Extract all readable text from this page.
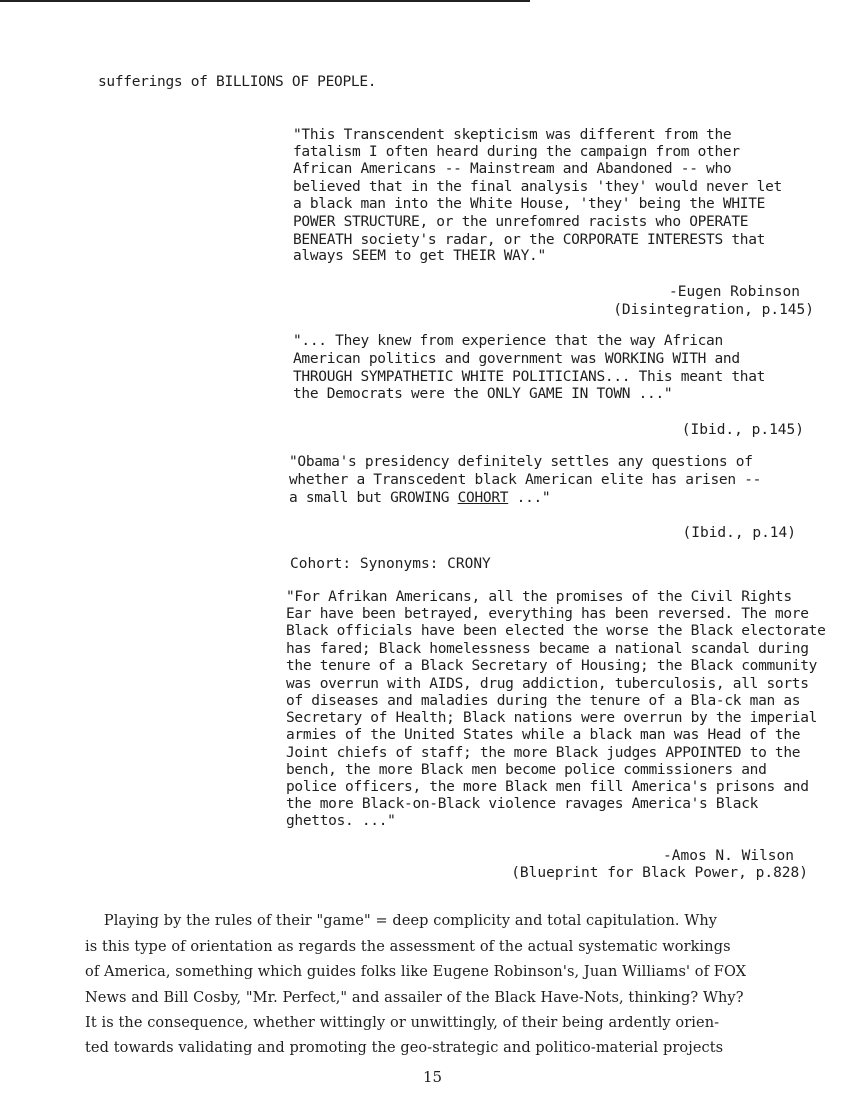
sufferings of BILLIONS OF PEOPLE.
"This Transcendent skepticism was different from the
fatalism I often heard during the campaign from other
African Americans -- Mainstream and Abandoned -- who
believed that in the final analysis 'they' would never let
a black man into the White House, 'they' being the WHITE
POWER STRUCTURE, or the unrefomred racists who OPERATE
BENEATH society's radar, or the CORPORATE INTERESTS that
always SEEM to get THEIR WAY."
-Eugen Robinson
(Disintegration, p.145)
"... They knew from experience that the way African
American politics and government was WORKING WITH and
THROUGH SYMPATHETIC WHITE POLITICIANS... This meant that
the Democrats were the ONLY GAME IN TOWN ..."
(Ibid., p.145)
"Obama's presidency definitely settles any questions of
whether a Transcedent black American elite has arisen --
a small but GROWING COHORT ..."
(Ibid., p.14)
Cohort: Synonyms: CRONY
"For Afrikan Americans, all the promises of the Civil Rights
Ear have been betrayed, everything has been reversed. The more
Black officials have been elected the worse the Black electorate
has fared; Black homelessness became a national scandal during
the tenure of a Black Secretary of Housing; the Black community
was overrun with AIDS, drug addiction, tuberculosis, all sorts
of diseases and maladies during the tenure of a Bla-ck man as
Secretary of Health; Black nations were overrun by the imperial
armies of the United States while a black man was Head of the
Joint chiefs of staff; the more Black judges APPOINTED to the
bench, the more Black men become police commissioners and
police officers, the more Black men fill America's prisons and
the more Black-on-Black violence ravages America's Black
ghettos. ..."
-Amos N. Wilson
(Blueprint for Black Power, p.828)
Playing by the rules of their "game" = deep complicity and total capitulation. Why
is this type of orientation as regards the assessment of the actual systematic workings
of America, something which guides folks like Eugene Robinson's, Juan Williams' of FOX
News and Bill Cosby, "Mr. Perfect," and assailer of the Black Have-Nots, thinking? Why?
It is the consequence, whether wittingly or unwittingly, of their being ardently orien-
ted towards validating and promoting the geo-strategic and politico-material projects
15
